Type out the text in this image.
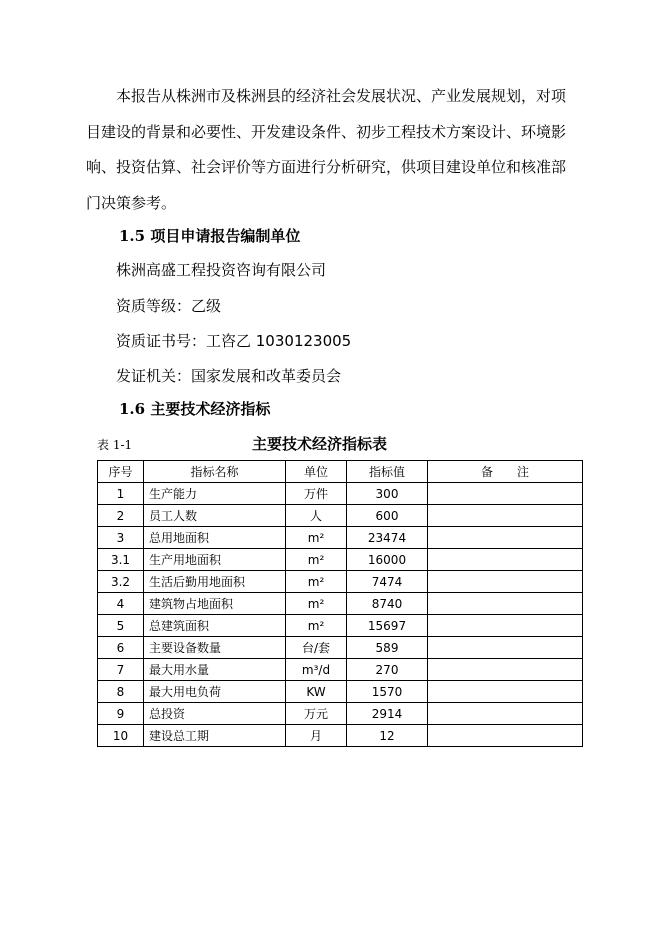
本报告从株洲市及株洲县的经济社会发展状况、产业发展规划，对项
目建设的背景和必要性、开发建设条件、初步工程技术方案设计、环境影
响、投资估算、社会评价等方面进行分析研究，供项目建设单位和核准部
门决策参考。
1.5 项目申请报告编制单位
株洲高盛工程投资咨询有限公司
资质等级：乙级
资质证书号：工咨乙 1030123005
发证机关：国家发展和改革委员会
1.6 主要技术经济指标
表 1-1	主要技术经济指标表
序号	指标名称	单位	指标值	备　　注
1	生产能力	万件	300	
2	员工人数	人	600	
3	总用地面积	m²	23474	
3.1	生产用地面积	m²	16000	
3.2	生活后勤用地面积	m²	7474	
4	建筑物占地面积	m²	8740	
5	总建筑面积	m²	15697	
6	主要设备数量	台/套	589	
7	最大用水量	m³/d	270	
8	最大用电负荷	KW	1570	
9	总投资	万元	2914	
10	建设总工期	月	12	
